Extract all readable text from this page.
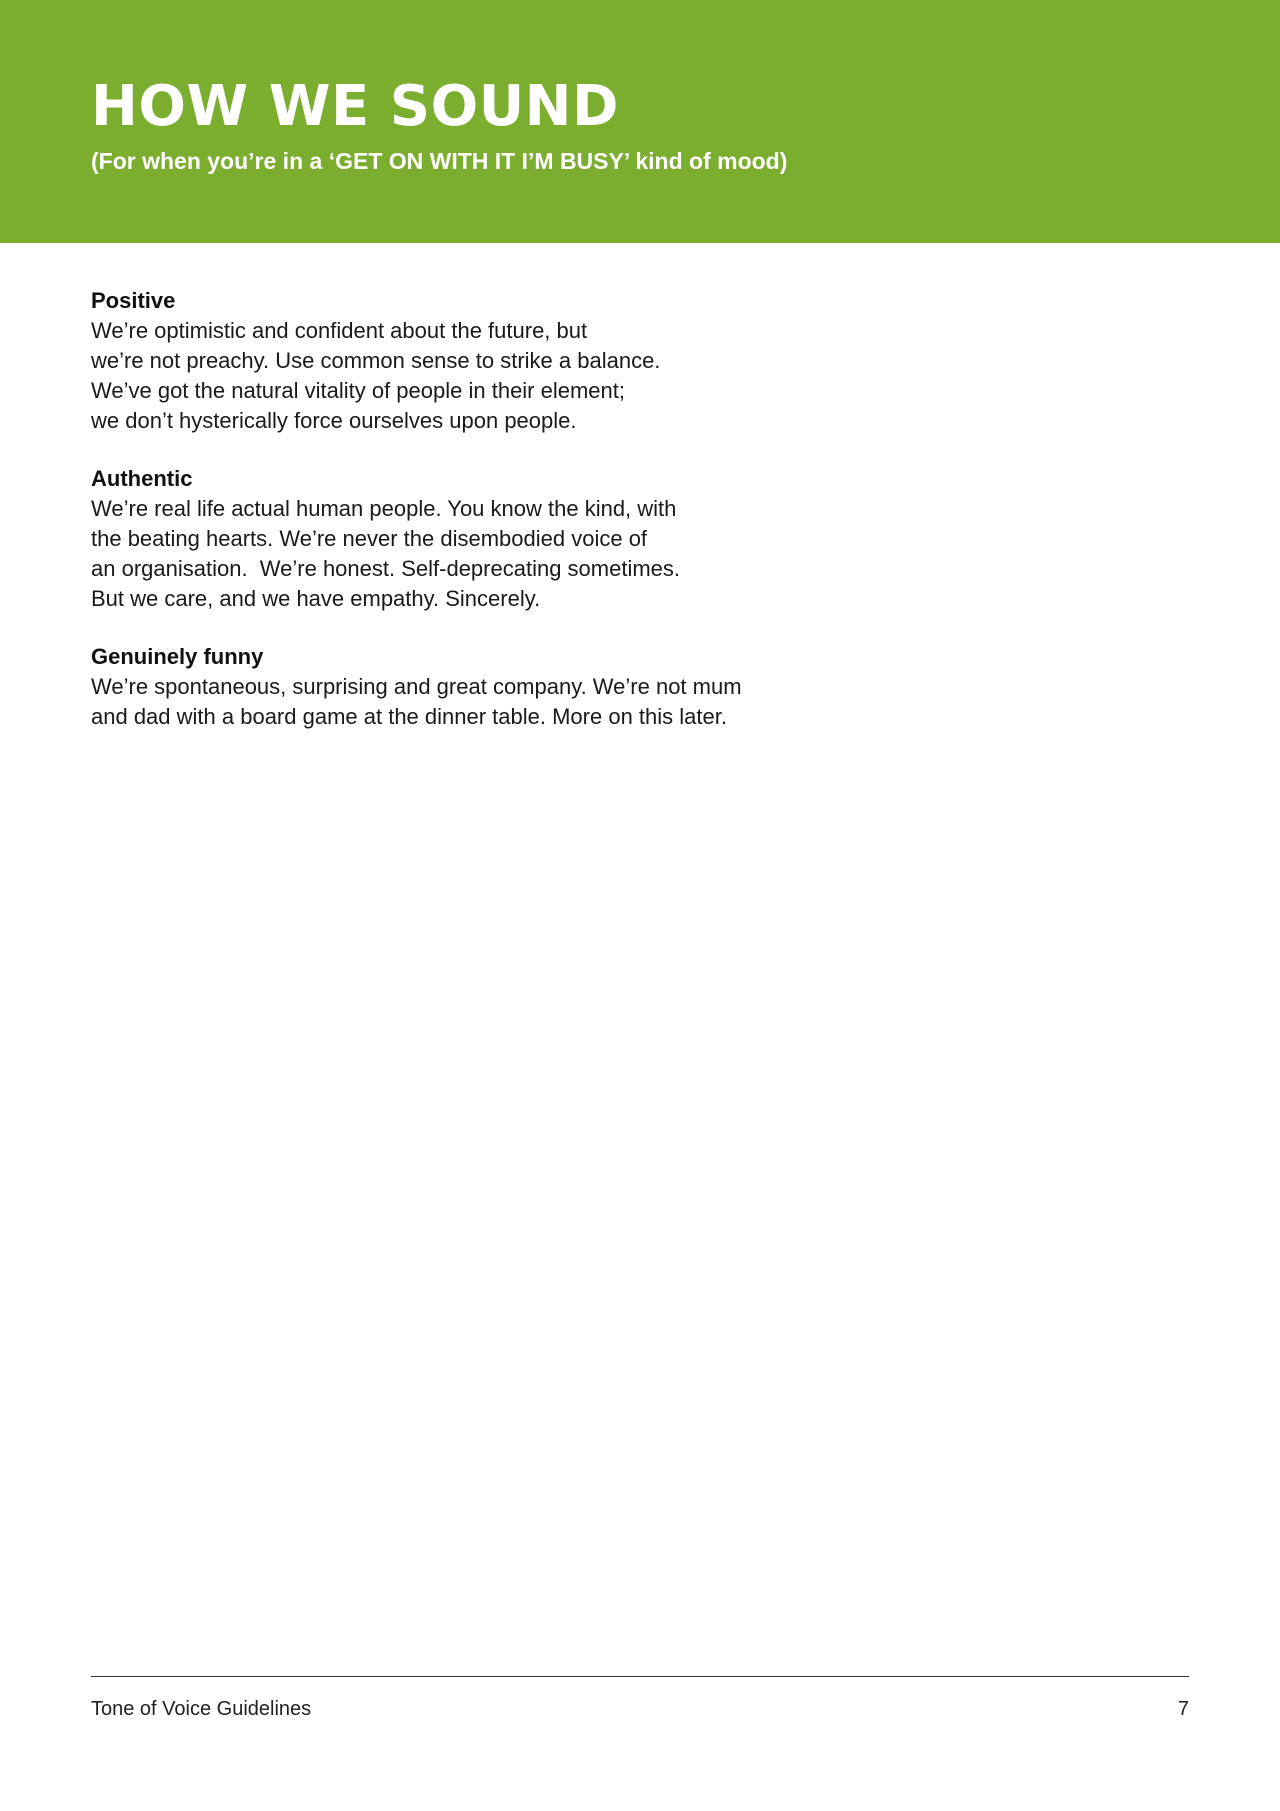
HOW WE SOUND

(For when you’re in a ‘GET ON WITH IT I’M BUSY’ kind of mood)

Positive
We’re optimistic and confident about the future, but
we’re not preachy. Use common sense to strike a balance.
We’ve got the natural vitality of people in their element;
we don’t hysterically force ourselves upon people.
Authentic
We’re real life actual human people. You know the kind, with
the beating hearts. We’re never the disembodied voice of
an organisation.  We’re honest. Self-deprecating sometimes.
But we care, and we have empathy. Sincerely.
Genuinely funny
We’re spontaneous, surprising and great company. We’re not mum
and dad with a board game at the dinner table. More on this later.
Tone of Voice Guidelines	7
